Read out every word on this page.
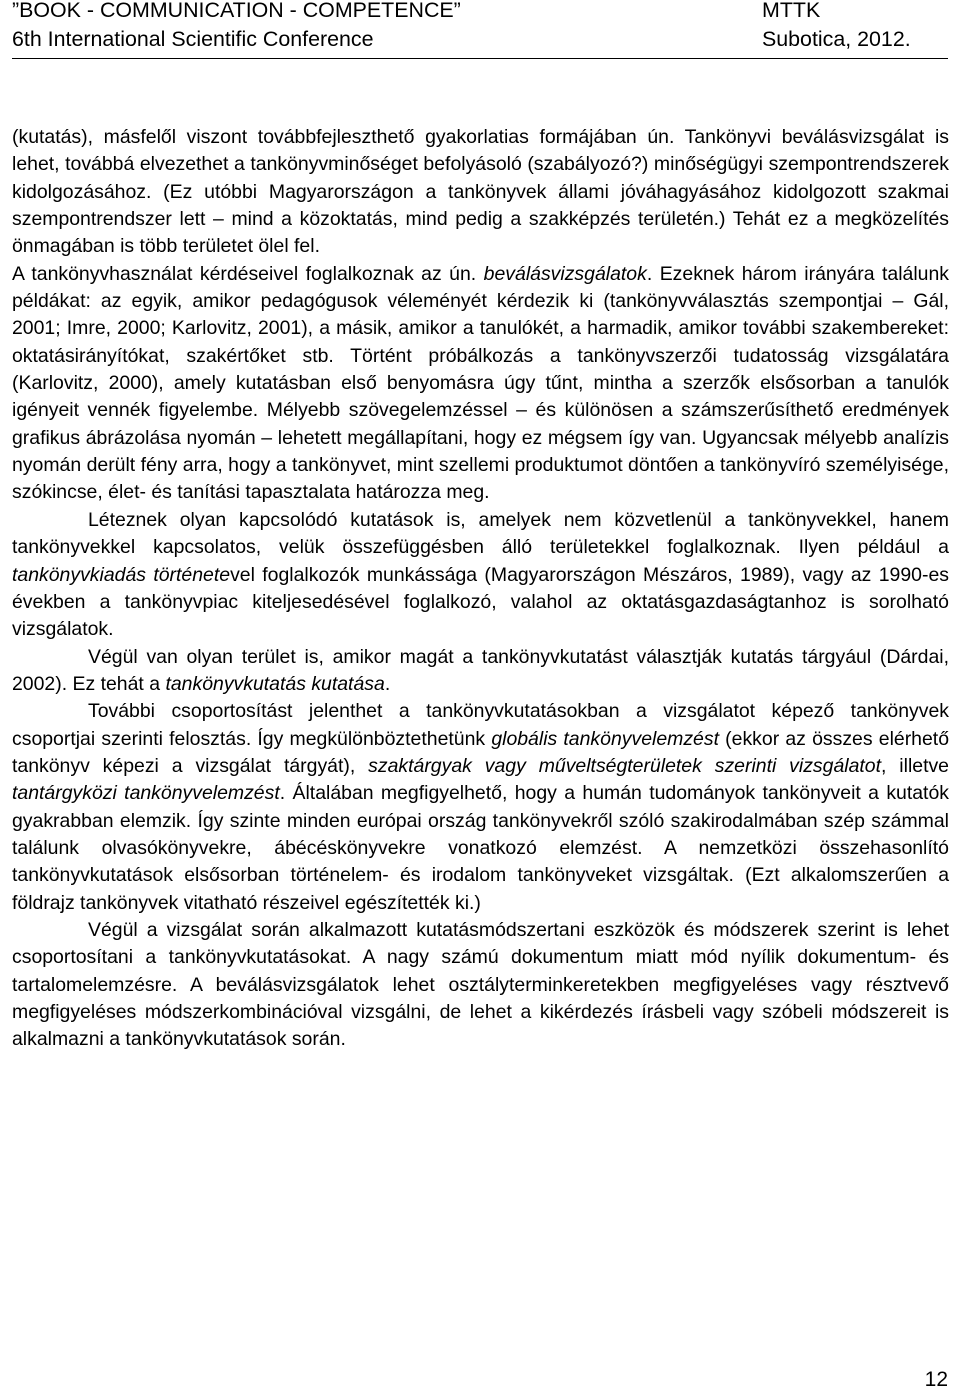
”BOOK - COMMUNICATION - COMPETENCE”	MTTK
6th International Scientific Conference	Subotica, 2012.

(kutatás), másfelől viszont továbbfejleszthető gyakorlatias formájában ún. Tankönyvi beválásvizsgálat is lehet, továbbá elvezethet a tankönyvminőséget befolyásoló (szabályozó?) minőségügyi szempontrendszerek kidolgozásához. (Ez utóbbi Magyarországon a tankönyvek állami jóváhagyásához kidolgozott szakmai szempontrendszer lett – mind a közoktatás, mind pedig a szakképzés területén.) Tehát ez a megközelítés önmagában is több területet ölel fel.

A tankönyvhasználat kérdéseivel foglalkoznak az ún. beválásvizsgálatok. Ezeknek három irányára találunk példákat: az egyik, amikor pedagógusok véleményét kérdezik ki (tankönyvválasztás szempontjai – Gál, 2001; Imre, 2000; Karlovitz, 2001), a másik, amikor a tanulókét, a harmadik, amikor további szakembereket: oktatásirányítókat, szakértőket stb. Történt próbálkozás a tankönyvszerzői tudatosság vizsgálatára (Karlovitz, 2000), amely kutatásban első benyomásra úgy tűnt, mintha a szerzők elsősorban a tanulók igényeit vennék figyelembe. Mélyebb szövegelemzéssel – és különösen a számszerűsíthető eredmények grafikus ábrázolása nyomán – lehetett megállapítani, hogy ez mégsem így van. Ugyancsak mélyebb analízis nyomán derült fény arra, hogy a tankönyvet, mint szellemi produktumot döntően a tankönyvíró személyisége, szókincse, élet- és tanítási tapasztalata határozza meg.

Léteznek olyan kapcsolódó kutatások is, amelyek nem közvetlenül a tankönyvekkel, hanem tankönyvekkel kapcsolatos, velük összefüggésben álló területekkel foglalkoznak. Ilyen például a tankönyvkiadás történetevel foglalkozók munkássága (Magyarországon Mészáros, 1989), vagy az 1990-es években a tankönyvpiac kiteljesedésével foglalkozó, valahol az oktatásgazdaságtanhoz is sorolható vizsgálatok.

Végül van olyan terület is, amikor magát a tankönyvkutatást választják kutatás tárgyául (Dárdai, 2002). Ez tehát a tankönyvkutatás kutatása.

További csoportosítást jelenthet a tankönyvkutatásokban a vizsgálatot képező tankönyvek csoportjai szerinti felosztás. Így megkülönböztethetünk globális tankönyvelemzést (ekkor az összes elérhető tankönyv képezi a vizsgálat tárgyát), szaktárgyak vagy műveltségterületek szerinti vizsgálatot, illetve tantárgyközi tankönyvelemzést. Általában megfigyelhető, hogy a humán tudományok tankönyveit a kutatók gyakrabban elemzik. Így szinte minden európai ország tankönyvekről szóló szakirodalmában szép számmal találunk olvasókönyvekre, ábécéskönyvekre vonatkozó elemzést. A nemzetközi összehasonlító tankönyvkutatások elsősorban történelem- és irodalom tankönyveket vizsgáltak. (Ezt alkalomszerűen a földrajz tankönyvek vitatható részeivel egészítették ki.)

Végül a vizsgálat során alkalmazott kutatásmódszertani eszközök és módszerek szerint is lehet csoportosítani a tankönyvkutatásokat. A nagy számú dokumentum miatt mód nyílik dokumentum- és tartalomelemzésre. A beválásvizsgálatok lehet osztályterminkeretekben megfigyeléses vagy résztvevő megfigyeléses módszerkombinációval vizsgálni, de lehet a kikérdezés írásbeli vagy szóbeli módszereit is alkalmazni a tankönyvkutatások során.

12
